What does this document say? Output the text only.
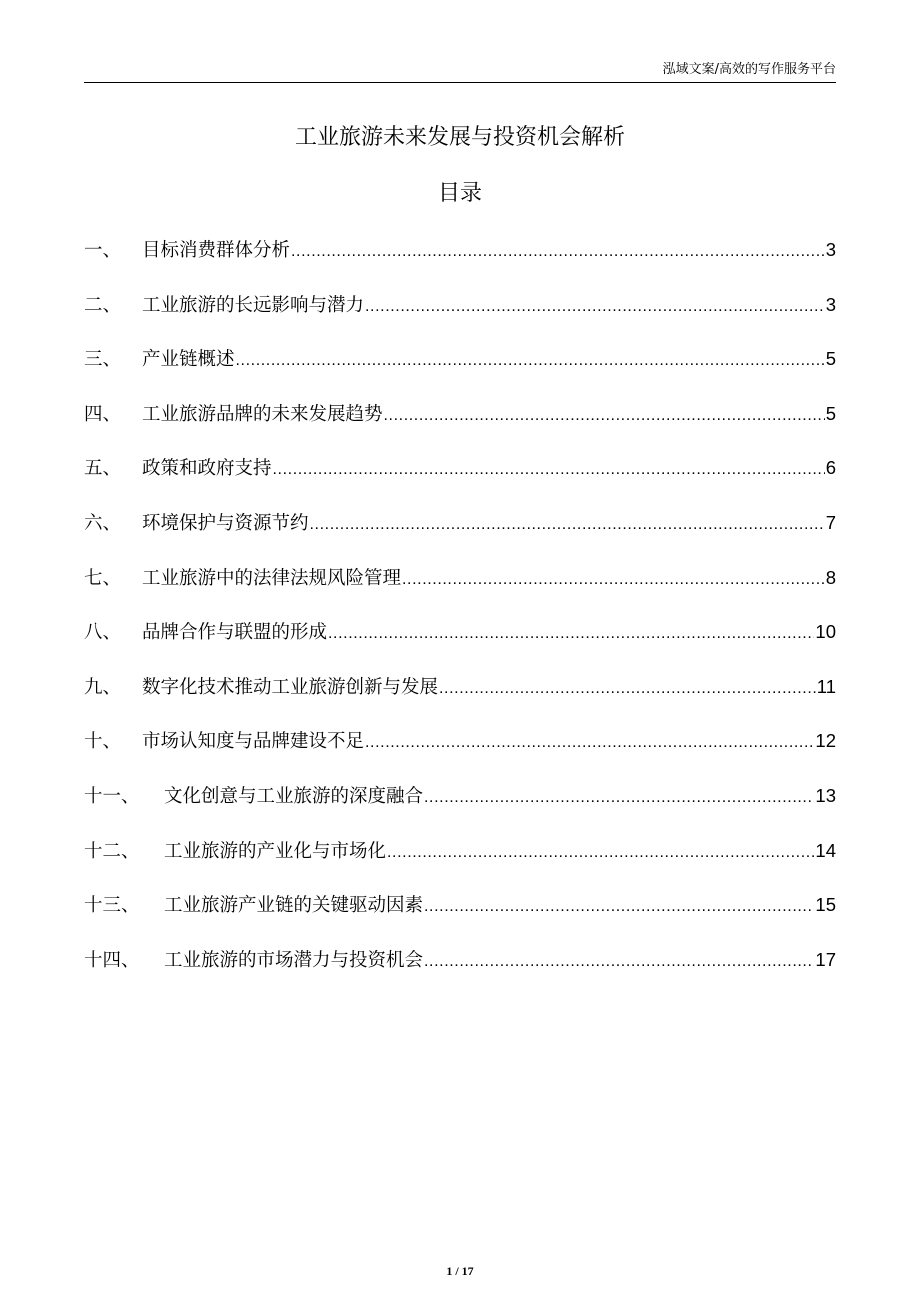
泓域文案/高效的写作服务平台
工业旅游未来发展与投资机会解析
目录
一、	目标消费群体分析 .....	3
二、	工业旅游的长远影响与潜力 .....	3
三、	产业链概述 .....	5
四、	工业旅游品牌的未来发展趋势 .....	5
五、	政策和政府支持 .....	6
六、	环境保护与资源节约 .....	7
七、	工业旅游中的法律法规风险管理 .....	8
八、	品牌合作与联盟的形成 .....	10
九、	数字化技术推动工业旅游创新与发展 .....	11
十、	市场认知度与品牌建设不足 .....	12
十一、	文化创意与工业旅游的深度融合 .....	13
十二、	工业旅游的产业化与市场化 .....	14
十三、	工业旅游产业链的关键驱动因素 .....	15
十四、	工业旅游的市场潜力与投资机会 .....	17
1 / 17
